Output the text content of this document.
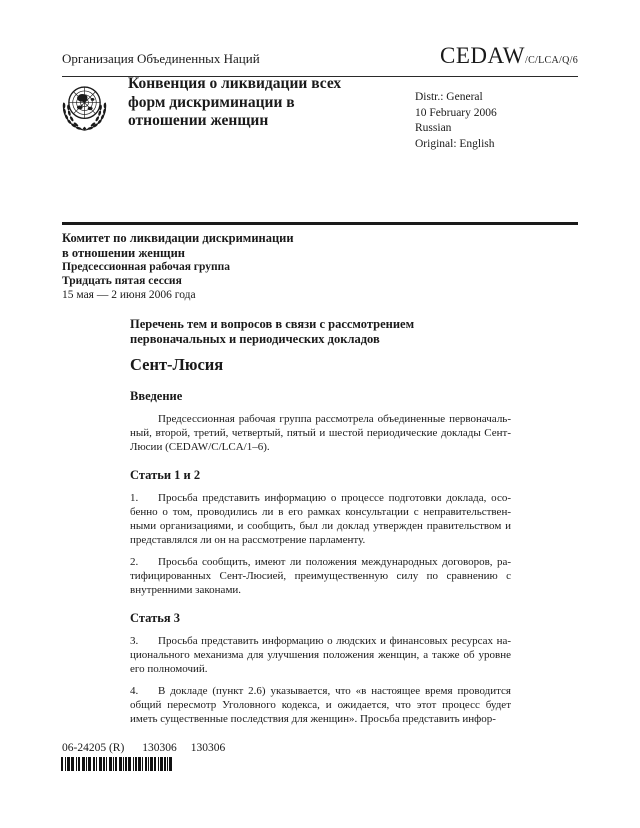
Организация Объединенных Наций	CEDAW/C/LCA/Q/6
Конвенция о ликвидации всех
форм дискриминации в
отношении женщин
Distr.: General
10 February 2006
Russian
Original: English
Комитет по ликвидации дискриминации
в отношении женщин
Предсессионная рабочая группа
Тридцать пятая сессия
15 мая — 2 июня 2006 года
Перечень тем и вопросов в связи с рассмотрением
первоначальных и периодических докладов
Сент-Люсия
Введение
Предсессионная рабочая группа рассмотрела объединенные первоначаль-
ный, второй, третий, четвертый, пятый и шестой периодические доклады Сент-
Люсии (CEDAW/C/LCA/1–6).
Статьи 1 и 2
1. Просьба представить информацию о процессе подготовки доклада, осо-
бенно о том, проводились ли в его рамках консультации с неправительствен-
ными организациями, и сообщить, был ли доклад утвержден правительством и
представлялся ли он на рассмотрение парламенту.
2. Просьба сообщить, имеют ли положения международных договоров, ра-
тифицированных Сент-Люсией, преимущественную силу по сравнению с
внутренними законами.
Статья 3
3. Просьба представить информацию о людских и финансовых ресурсах на-
ционального механизма для улучшения положения женщин, а также об уровне
его полномочий.
4. В докладе (пункт 2.6) указывается, что «в настоящее время проводится
общий пересмотр Уголовного кодекса, и ожидается, что этот процесс будет
иметь существенные последствия для женщин». Просьба представить инфор-
06-24205 (R) 130306 130306
